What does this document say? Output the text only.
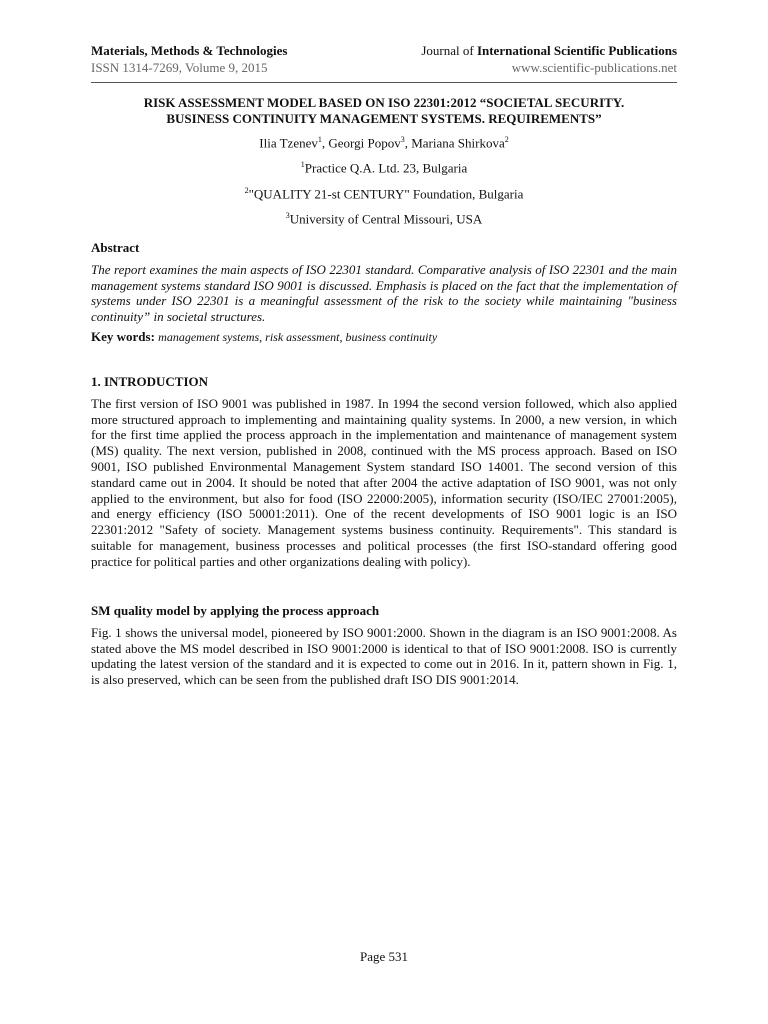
Materials, Methods & Technologies	Journal of International Scientific Publications
ISSN 1314-7269, Volume 9, 2015	www.scientific-publications.net
RISK ASSESSMENT MODEL BASED ON ISO 22301:2012 “SOCIETAL SECURITY.
BUSINESS CONTINUITY MANAGEMENT SYSTEMS. REQUIREMENTS”
Ilia Tzenev$^1$, Georgi Popov$^3$, Mariana Shirkova$^2$
$^1$Practice Q.A. Ltd. 23, Bulgaria
$^2$"QUALITY 21-st CENTURY" Foundation, Bulgaria
$^3$University of Central Missouri, USA
Abstract
The report examines the main aspects of ISO 22301 standard. Comparative analysis of ISO 22301 and the main management systems standard ISO 9001 is discussed. Emphasis is placed on the fact that the implementation of systems under ISO 22301 is a meaningful assessment of the risk to the society while maintaining "business continuity” in societal structures.
Key words: management systems, risk assessment, business continuity
1. INTRODUCTION
The first version of ISO 9001 was published in 1987. In 1994 the second version followed, which also applied more structured approach to implementing and maintaining quality systems. In 2000, a new version, in which for the first time applied the process approach in the implementation and maintenance of management system (MS) quality. The next version, published in 2008, continued with the MS process approach. Based on ISO 9001, ISO published Environmental Management System standard ISO 14001. The second version of this standard came out in 2004. It should be noted that after 2004 the active adaptation of ISO 9001, was not only applied to the environment, but also for food (ISO 22000:2005), information security (ISO/IEC 27001:2005), and energy efficiency (ISO 50001:2011). One of the recent developments of ISO 9001 logic is an ISO 22301:2012 "Safety of society. Management systems business continuity. Requirements". This standard is suitable for management, business processes and political processes (the first ISO-standard offering good practice for political parties and other organizations dealing with policy).
SM quality model by applying the process approach
Fig. 1 shows the universal model, pioneered by ISO 9001:2000. Shown in the diagram is an ISO 9001:2008. As stated above the MS model described in ISO 9001:2000 is identical to that of ISO 9001:2008. ISO is currently updating the latest version of the standard and it is expected to come out in 2016. In it, pattern shown in Fig. 1, is also preserved, which can be seen from the published draft ISO DIS 9001:2014.
Page 531
